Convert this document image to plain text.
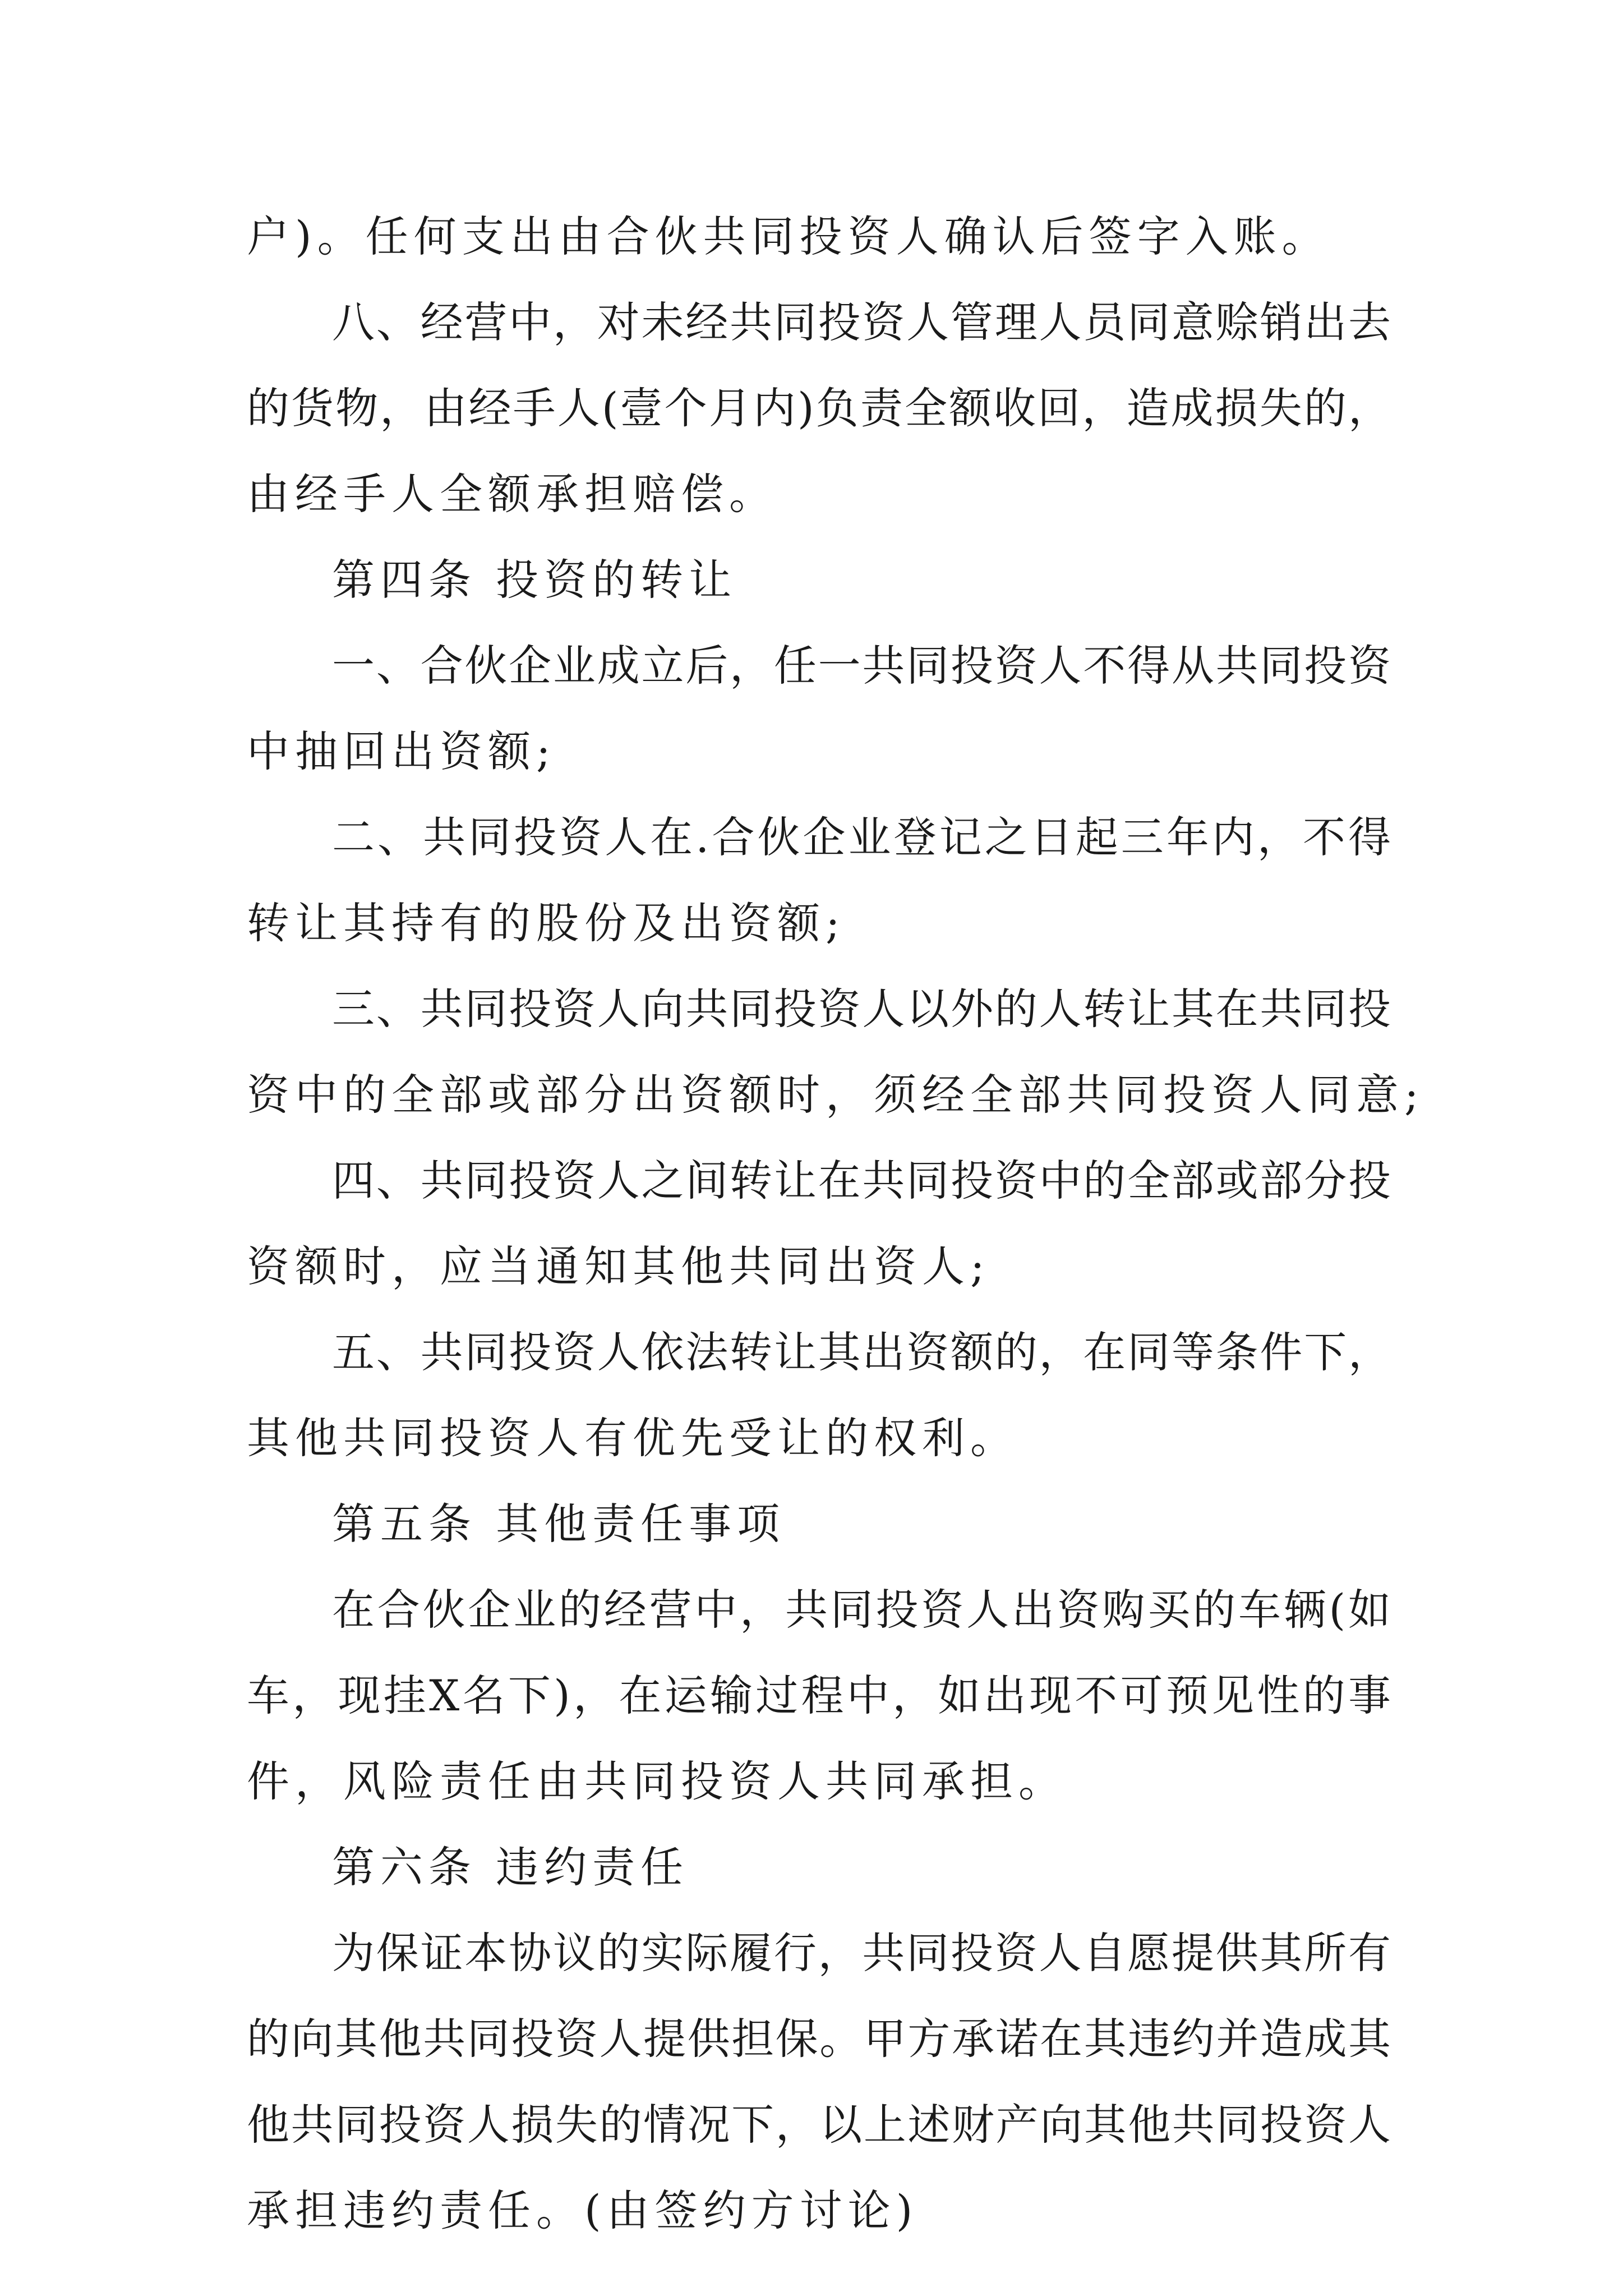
户)。任何支出由合伙共同投资人确认后签字入账。
八、经营中，对未经共同投资人管理人员同意赊销出去
的货物，由经手人(壹个月内)负责全额收回，造成损失的，
由经手人全额承担赔偿。
第四条 投资的转让
一、合伙企业成立后，任一共同投资人不得从共同投资
中抽回出资额;
二、共同投资人在.合伙企业登记之日起三年内，不得
转让其持有的股份及出资额;
三、共同投资人向共同投资人以外的人转让其在共同投
资中的全部或部分出资额时，须经全部共同投资人同意;
四、共同投资人之间转让在共同投资中的全部或部分投
资额时，应当通知其他共同出资人;
五、共同投资人依法转让其出资额的，在同等条件下，
其他共同投资人有优先受让的权利。
第五条 其他责任事项
在合伙企业的经营中，共同投资人出资购买的车辆(如
车，现挂X名下)，在运输过程中，如出现不可预见性的事
件，风险责任由共同投资人共同承担。
第六条 违约责任
为保证本协议的实际履行，共同投资人自愿提供其所有
的向其他共同投资人提供担保。甲方承诺在其违约并造成其
他共同投资人损失的情况下，以上述财产向其他共同投资人
承担违约责任。(由签约方讨论)
